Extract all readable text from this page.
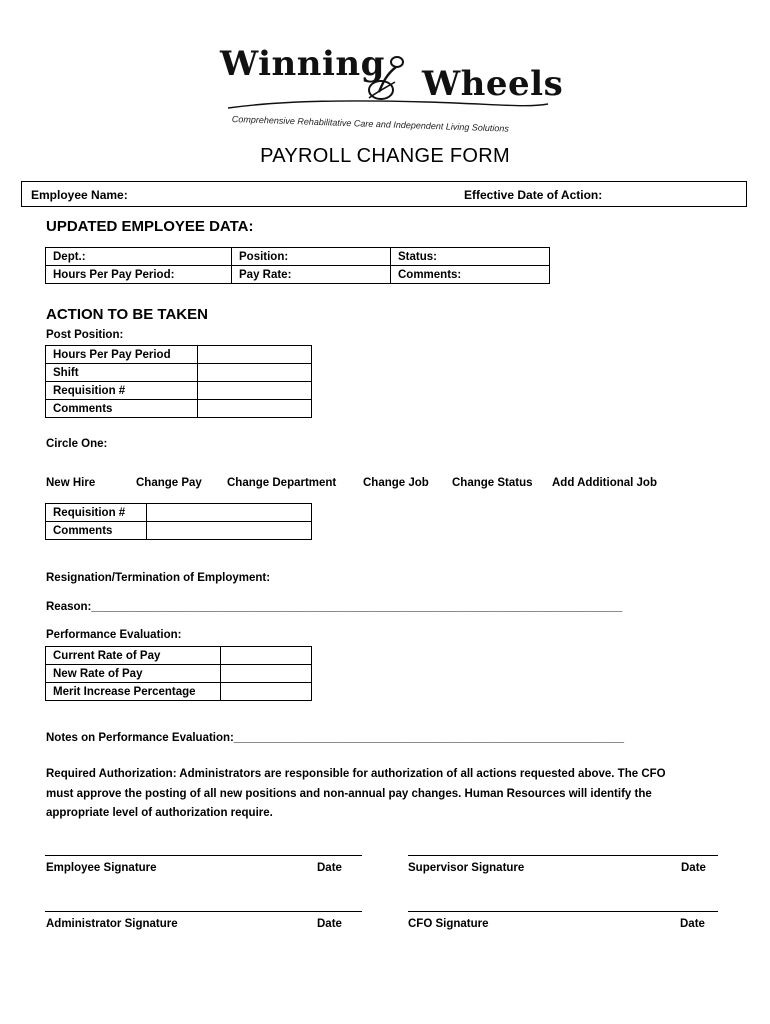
Winning Wheels
Comprehensive Rehabilitative Care and Independent Living Solutions
PAYROLL CHANGE FORM
Employee Name:	Effective Date of Action:
UPDATED EMPLOYEE DATA:
Dept.:	Position:	Status:
Hours Per Pay Period:	Pay Rate:	Comments:
ACTION TO BE TAKEN
Post Position:
Hours Per Pay Period	
Shift	
Requisition #	
Comments	
Circle One:
New Hire	Change Pay Change Department Change Job Change Status Add Additional Job
Requisition #	
Comments	
Resignation/Termination of Employment:
Reason:___________________________________________________________________________________
Performance Evaluation:
Current Rate of Pay	
New Rate of Pay	
Merit Increase Percentage	
Notes on Performance Evaluation:_____________________________________________________________
Required Authorization: Administrators are responsible for authorization of all actions requested above. The CFO
must approve the posting of all new positions and non-annual pay changes. Human Resources will identify the
appropriate level of authorization require.
Employee Signature	Date	Supervisor Signature	Date
Administrator Signature	Date	CFO Signature	Date
